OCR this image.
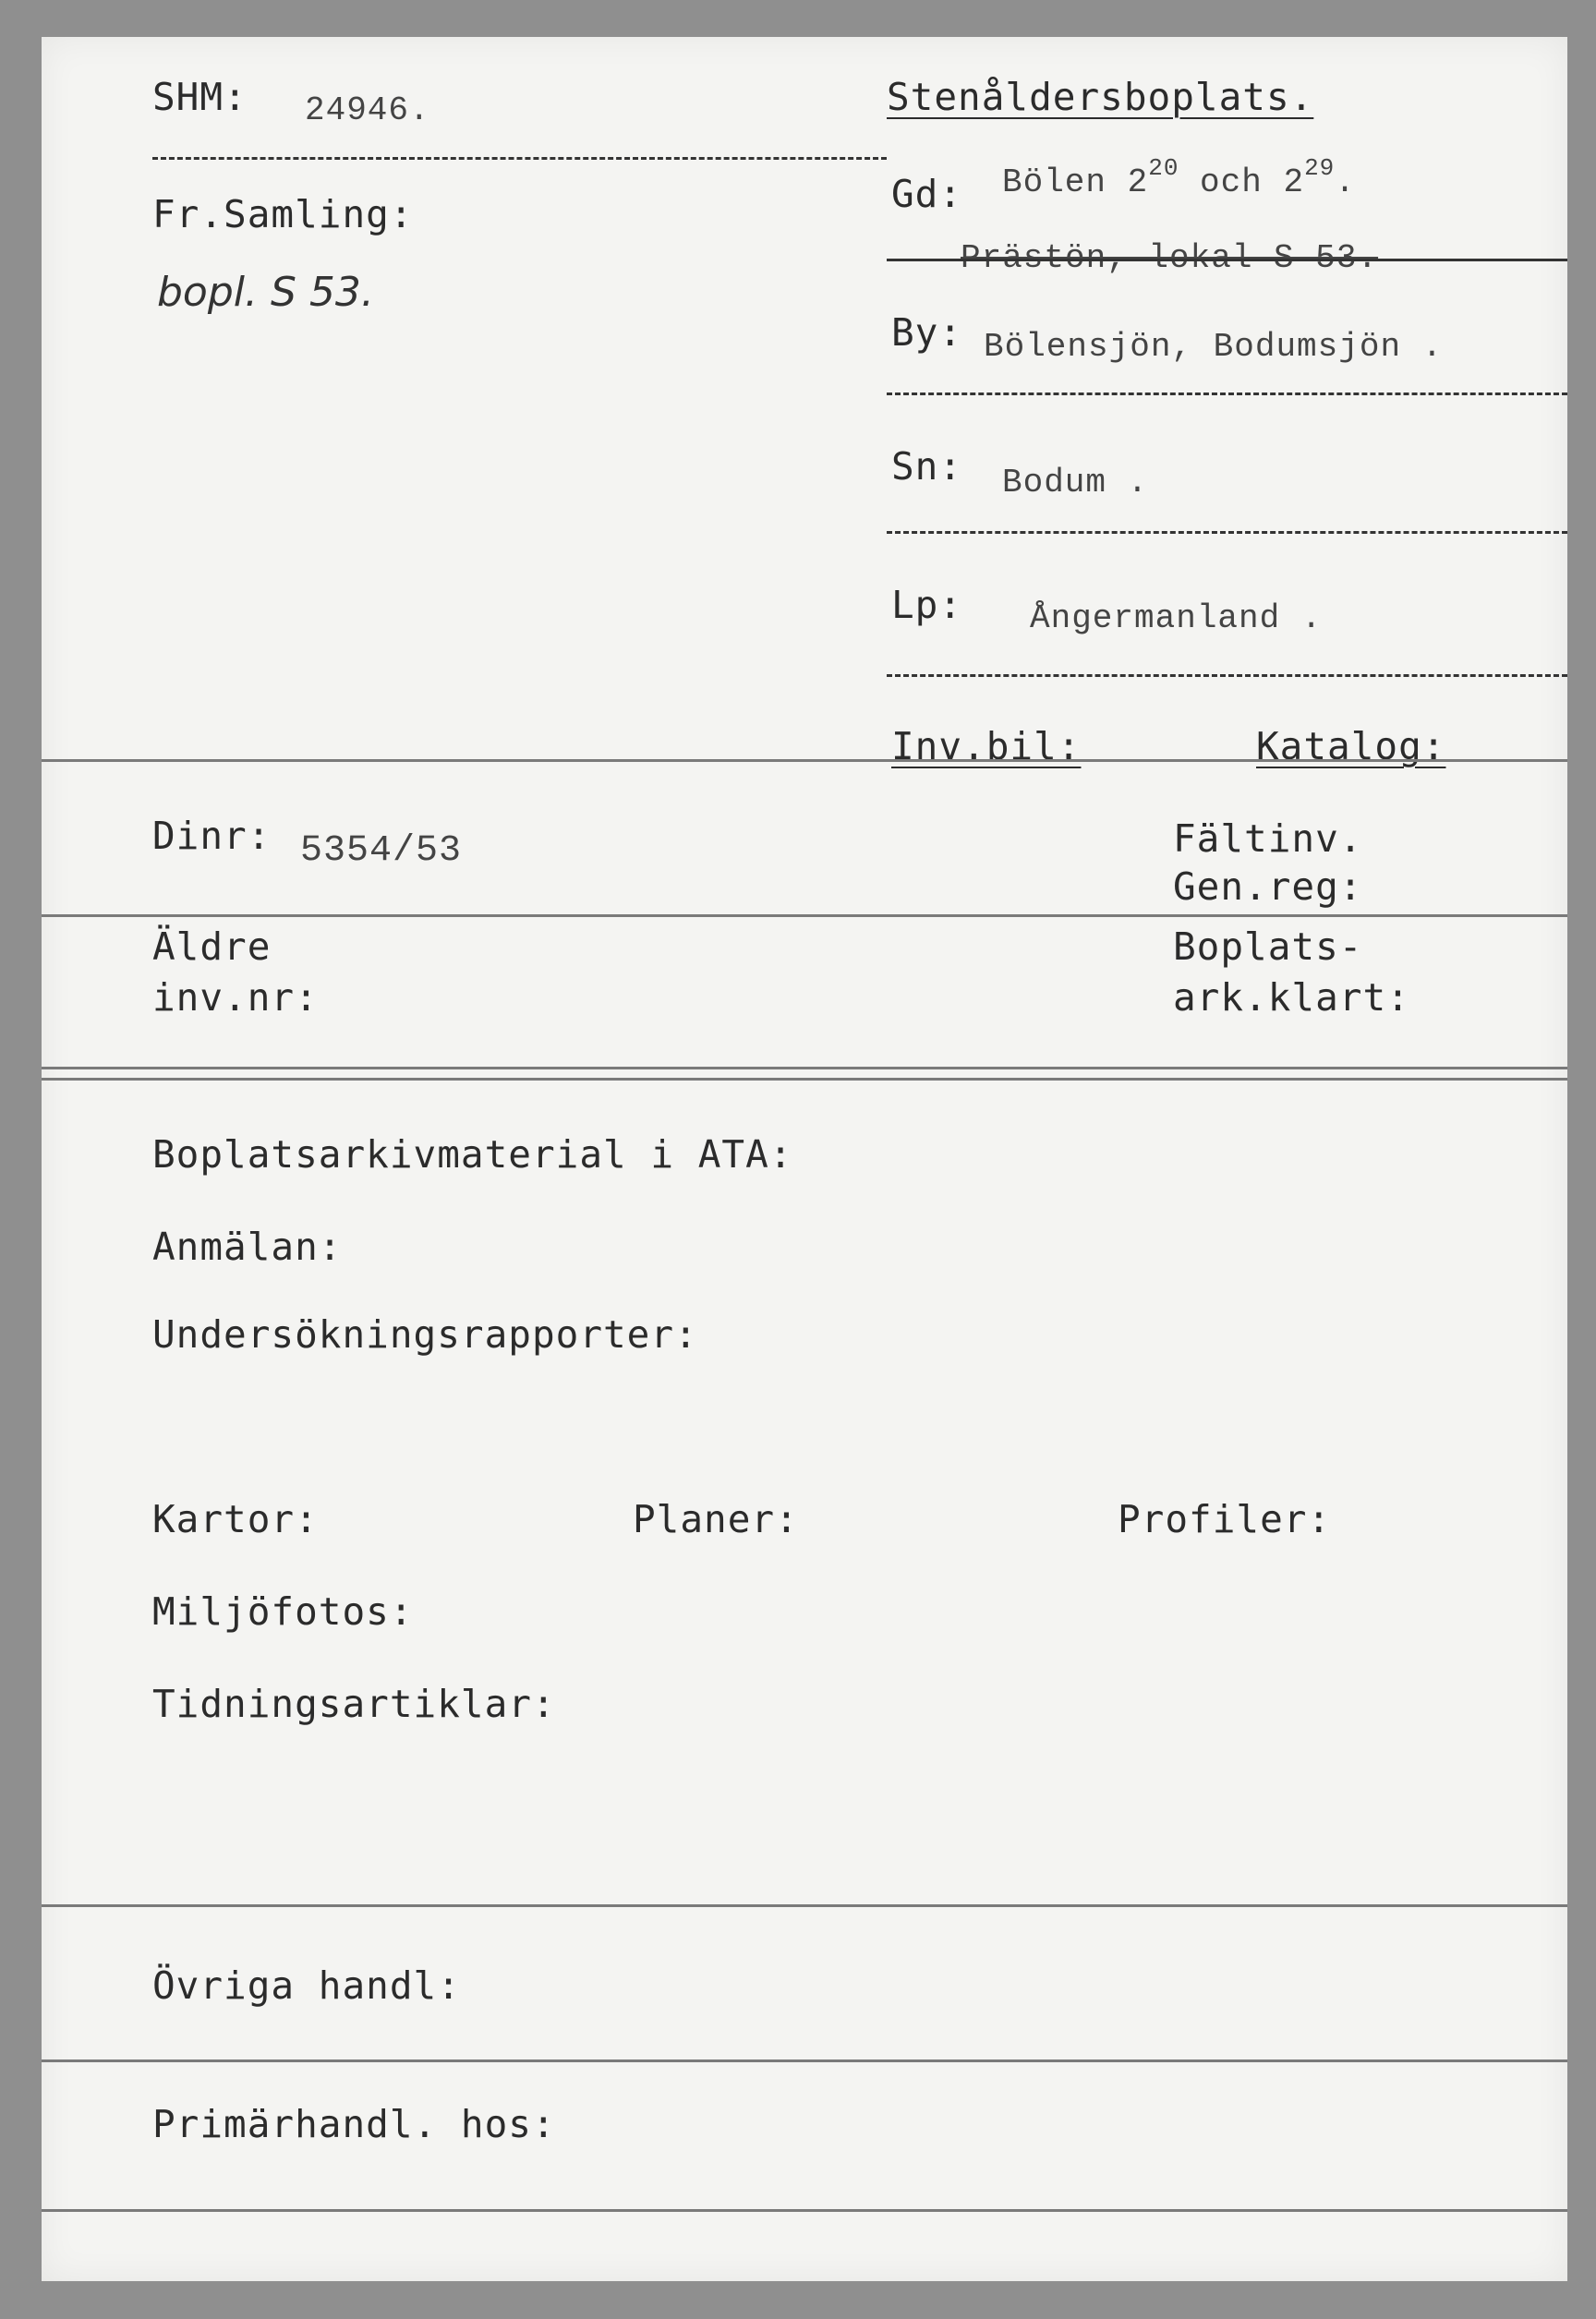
SHM: 24946.
Fr.Samling:
bopl. S 53.
Stenåldersboplats.
Gd: Bölen $2^{20}$ och $2^{29}$.
Prästön, lokal S 53.
By: Bölensjön, Bodumsjön .
Sn: Bodum .
Lp: Ångermanland .
Inv.bil:	Katalog:
Dinr: 5354/53	Fältinv.
Gen.reg:
Äldre
inv.nr:
Boplats-
ark.klart:
Boplatsarkivmaterial i ATA:
Anmälan:
Undersökningsrapporter:
Kartor:	Planer:	Profiler:
Miljöfotos:
Tidningsartiklar:
Övriga handl:
Primärhandl. hos:
